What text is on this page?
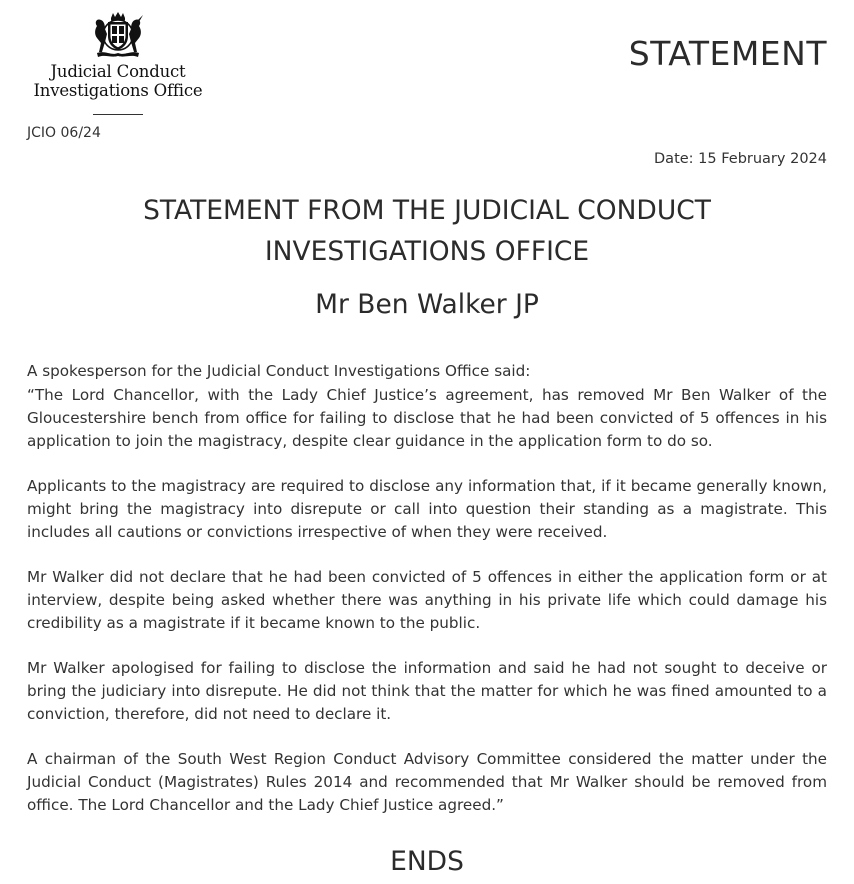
Judicial Conduct
Investigations Office
JCIO 06/24
STATEMENT
Date: 15 February 2024
STATEMENT FROM THE JUDICIAL CONDUCT
INVESTIGATIONS OFFICE
Mr Ben Walker JP

A spokesperson for the Judicial Conduct Investigations Office said:

“The Lord Chancellor, with the Lady Chief Justice’s agreement, has removed Mr Ben Walker of the Gloucestershire bench from office for failing to disclose that he had been convicted of 5 offences in his application to join the magistracy, despite clear guidance in the application form to do so.

Applicants to the magistracy are required to disclose any information that, if it became generally known, might bring the magistracy into disrepute or call into question their standing as a magistrate. This includes all cautions or convictions irrespective of when they were received.

Mr Walker did not declare that he had been convicted of 5 offences in either the application form or at interview, despite being asked whether there was anything in his private life which could damage his credibility as a magistrate if it became known to the public.

Mr Walker apologised for failing to disclose the information and said he had not sought to deceive or bring the judiciary into disrepute. He did not think that the matter for which he was fined amounted to a conviction, therefore, did not need to declare it.

A chairman of the South West Region Conduct Advisory Committee considered the matter under the Judicial Conduct (Magistrates) Rules 2014 and recommended that Mr Walker should be removed from office. The Lord Chancellor and the Lady Chief Justice agreed.”

ENDS
